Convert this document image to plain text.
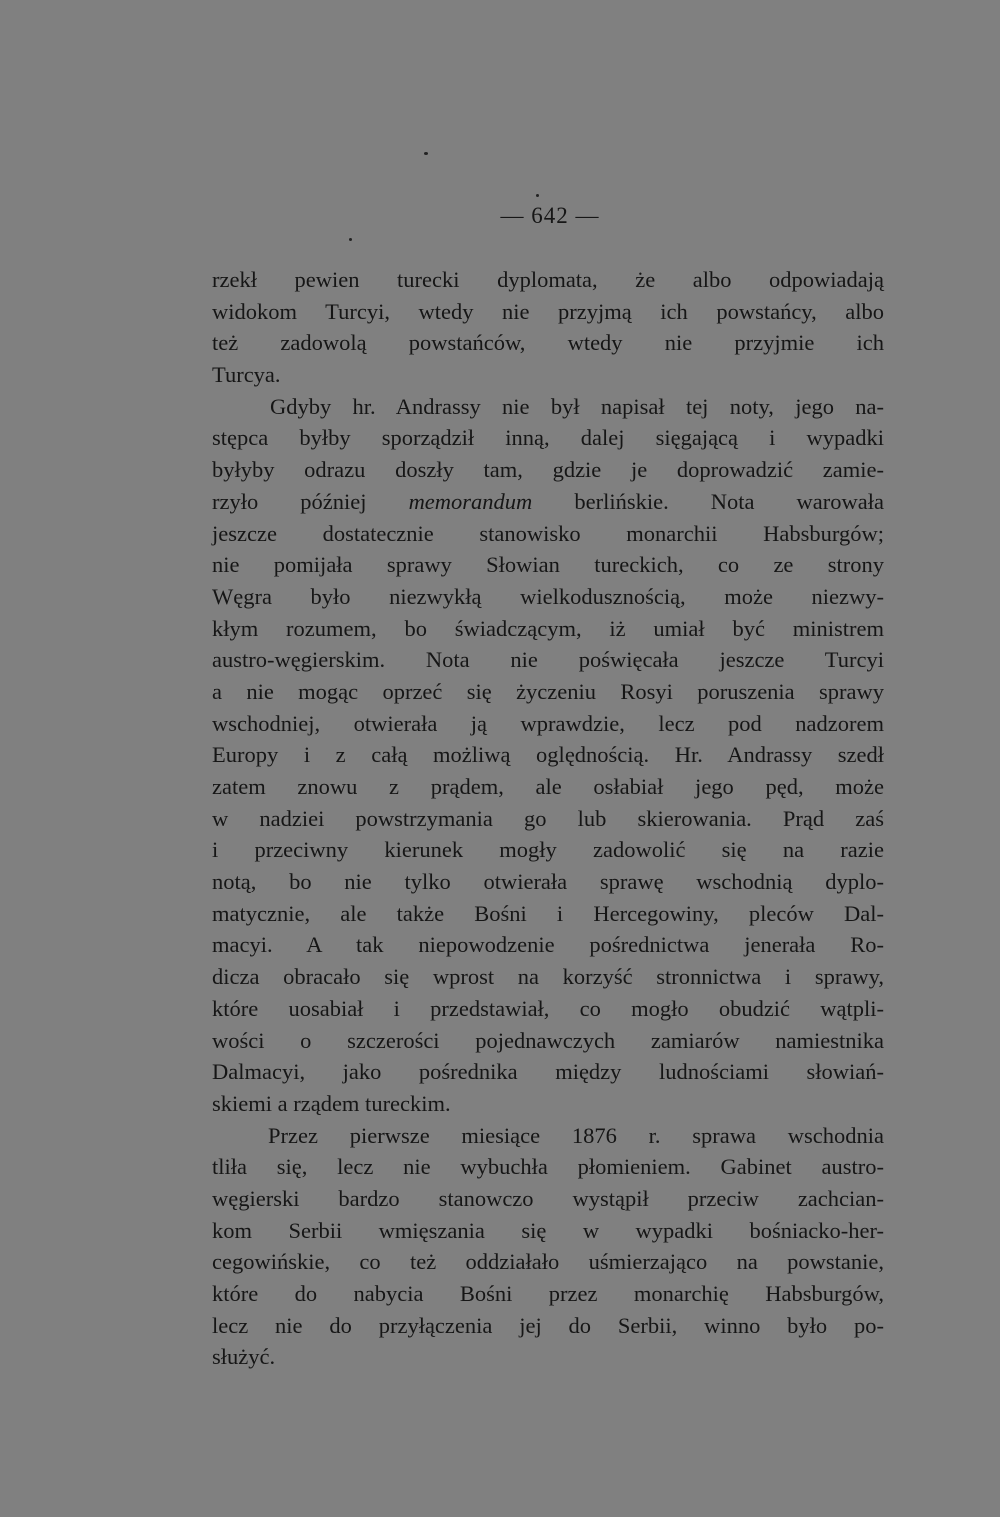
— 642 —
rzekł pewien turecki dyplomata, że albo odpowiadają
widokom Turcyi, wtedy nie przyjmą ich powstańcy, albo
też zadowolą powstańców, wtedy nie przyjmie ich
Turcya.
Gdyby hr. Andrassy nie był napisał tej noty, jego na-
stępca byłby sporządził inną, dalej sięgającą i wypadki
byłyby odrazu doszły tam, gdzie je doprowadzić zamie-
rzyło później memorandum berlińskie. Nota warowała
jeszcze dostatecznie stanowisko monarchii Habsburgów;
nie pomijała sprawy Słowian tureckich, co ze strony
Węgra było niezwykłą wielkodusznością, może niezwy-
kłym rozumem, bo świadczącym, iż umiał być ministrem
austro-węgierskim. Nota nie poświęcała jeszcze Turcyi
a nie mogąc oprzeć się życzeniu Rosyi poruszenia sprawy
wschodniej, otwierała ją wprawdzie, lecz pod nadzorem
Europy i z całą możliwą oględnością. Hr. Andrassy szedł
zatem znowu z prądem, ale osłabiał jego pęd, może
w nadziei powstrzymania go lub skierowania. Prąd zaś
i przeciwny kierunek mogły zadowolić się na razie
notą, bo nie tylko otwierała sprawę wschodnią dyplo-
matycznie, ale także Bośni i Hercegowiny, pleców Dal-
macyi. A tak niepowodzenie pośrednictwa jenerała Ro-
dicza obracało się wprost na korzyść stronnictwa i sprawy,
które uosabiał i przedstawiał, co mogło obudzić wątpli-
wości o szczerości pojednawczych zamiarów namiestnika
Dalmacyi, jako pośrednika między ludnościami słowiań-
skiemi a rządem tureckim.
Przez pierwsze miesiące 1876 r. sprawa wschodnia
tliła się, lecz nie wybuchła płomieniem. Gabinet austro-
węgierski bardzo stanowczo wystąpił przeciw zachcian-
kom Serbii wmięszania się w wypadki bośniacko-her-
cegowińskie, co też oddziałało uśmierzająco na powstanie,
które do nabycia Bośni przez monarchię Habsburgów,
lecz nie do przyłączenia jej do Serbii, winno było po-
służyć.
